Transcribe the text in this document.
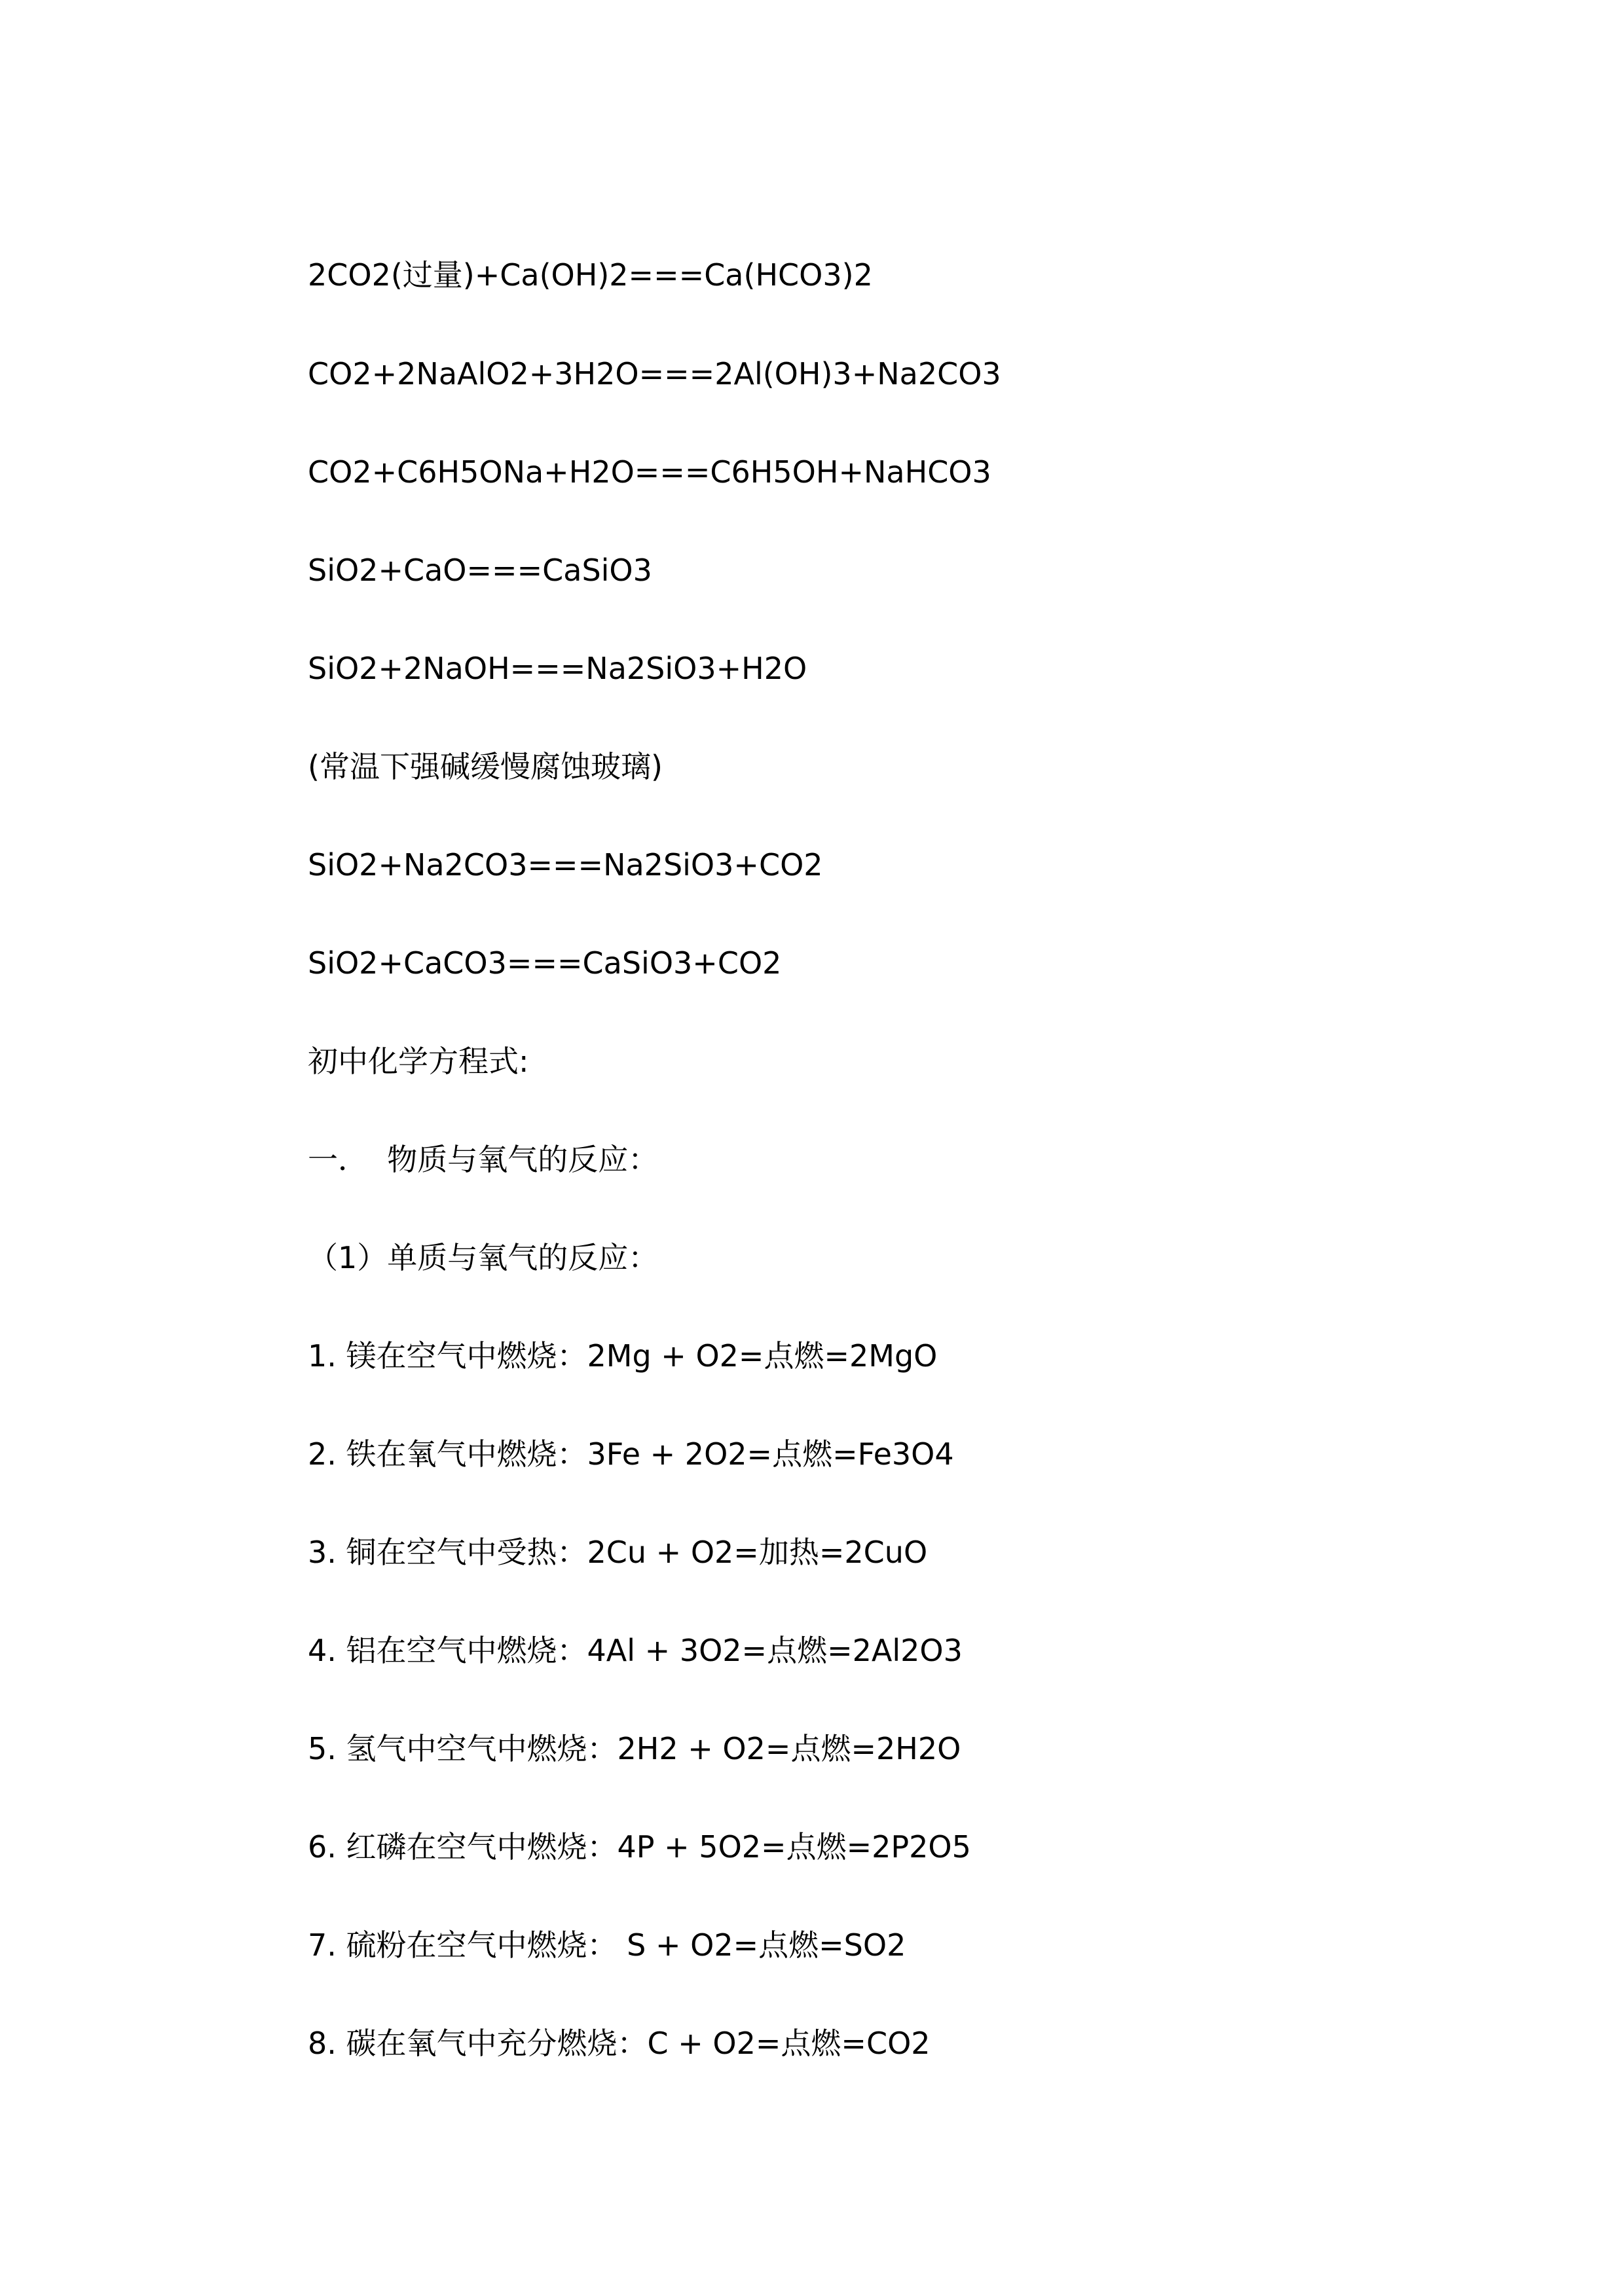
2CO2(过量)+Ca(OH)2===Ca(HCO3)2
CO2+2NaAlO2+3H2O===2Al(OH)3+Na2CO3
CO2+C6H5ONa+H2O===C6H5OH+NaHCO3
SiO2+CaO===CaSiO3
SiO2+2NaOH===Na2SiO3+H2O
(常温下强碱缓慢腐蚀玻璃)
SiO2+Na2CO3===Na2SiO3+CO2
SiO2+CaCO3===CaSiO3+CO2
初中化学方程式:
一．  物质与氧气的反应：
（1）单质与氧气的反应：
1. 镁在空气中燃烧：2Mg + O2=点燃=2MgO
2. 铁在氧气中燃烧：3Fe + 2O2=点燃=Fe3O4
3. 铜在空气中受热：2Cu + O2=加热=2CuO
4. 铝在空气中燃烧：4Al + 3O2=点燃=2Al2O3
5. 氢气中空气中燃烧：2H2 + O2=点燃=2H2O
6. 红磷在空气中燃烧：4P + 5O2=点燃=2P2O5
7. 硫粉在空气中燃烧： S + O2=点燃=SO2
8. 碳在氧气中充分燃烧：C + O2=点燃=CO2
